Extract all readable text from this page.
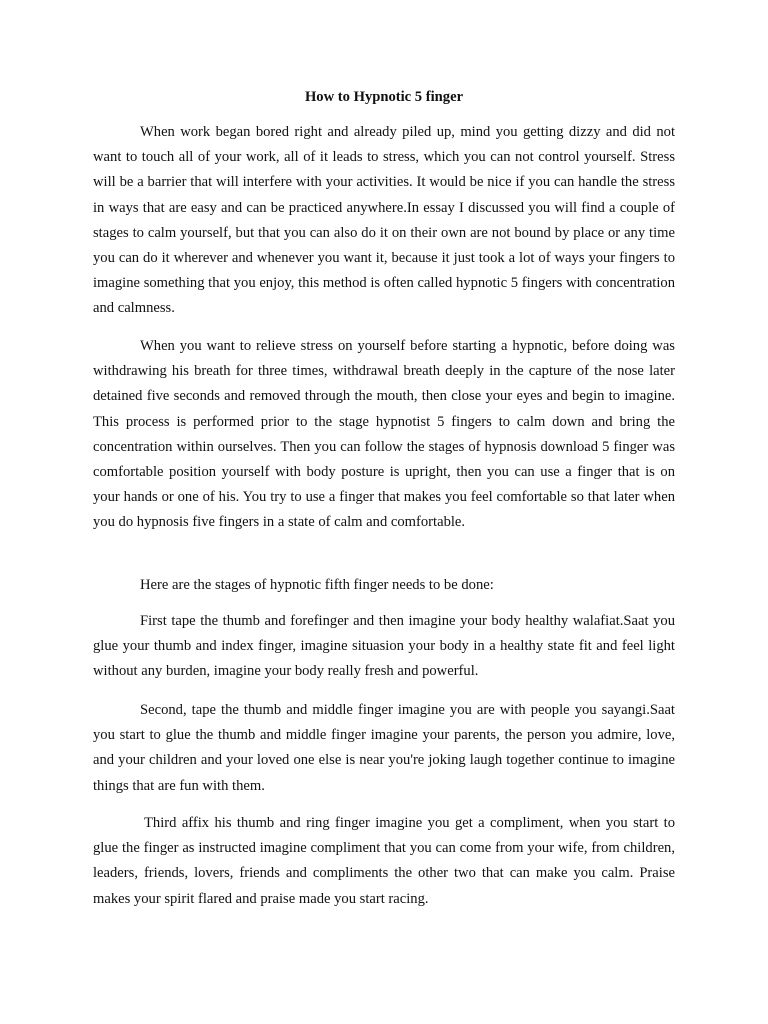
How to Hypnotic 5 finger

When work began bored right and already piled up, mind you getting dizzy and did not want to touch all of your work, all of it leads to stress, which you can not control yourself. Stress will be a barrier that will interfere with your activities. It would be nice if you can handle the stress in ways that are easy and can be practiced anywhere.In essay I discussed you will find a couple of stages to calm yourself, but that you can also do it on their own are not bound by place or any time you can do it wherever and whenever you want it, because it just took a lot of ways your fingers to imagine something that you enjoy, this method is often called hypnotic 5 fingers with concentration and calmness.

When you want to relieve stress on yourself before starting a hypnotic, before doing was withdrawing his breath for three times, withdrawal breath deeply in the capture of the nose later detained five seconds and removed through the mouth, then close your eyes and begin to imagine. This process is performed prior to the stage hypnotist 5 fingers to calm down and bring the concentration within ourselves. Then you can follow the stages of hypnosis download 5 finger was comfortable position yourself with body posture is upright, then you can use a finger that is on your hands or one of his. You try to use a finger that makes you feel comfortable so that later when you do hypnosis five fingers in a state of calm and comfortable.

Here are the stages of hypnotic fifth finger needs to be done:

First tape the thumb and forefinger and then imagine your body healthy walafiat.Saat you glue your thumb and index finger, imagine situasion your body in a healthy state fit and feel light without any burden, imagine your body really fresh and powerful.

Second, tape the thumb and middle finger imagine you are with people you sayangi.Saat you start to glue the thumb and middle finger imagine your parents, the person you admire, love, and your children and your loved one else is near you're joking laugh together continue to imagine things that are fun with them.

Third affix his thumb and ring finger imagine you get a compliment, when you start to glue the finger as instructed imagine compliment that you can come from your wife, from children, leaders, friends, lovers, friends and compliments the other two that can make you calm. Praise makes your spirit flared and praise made you start racing.
